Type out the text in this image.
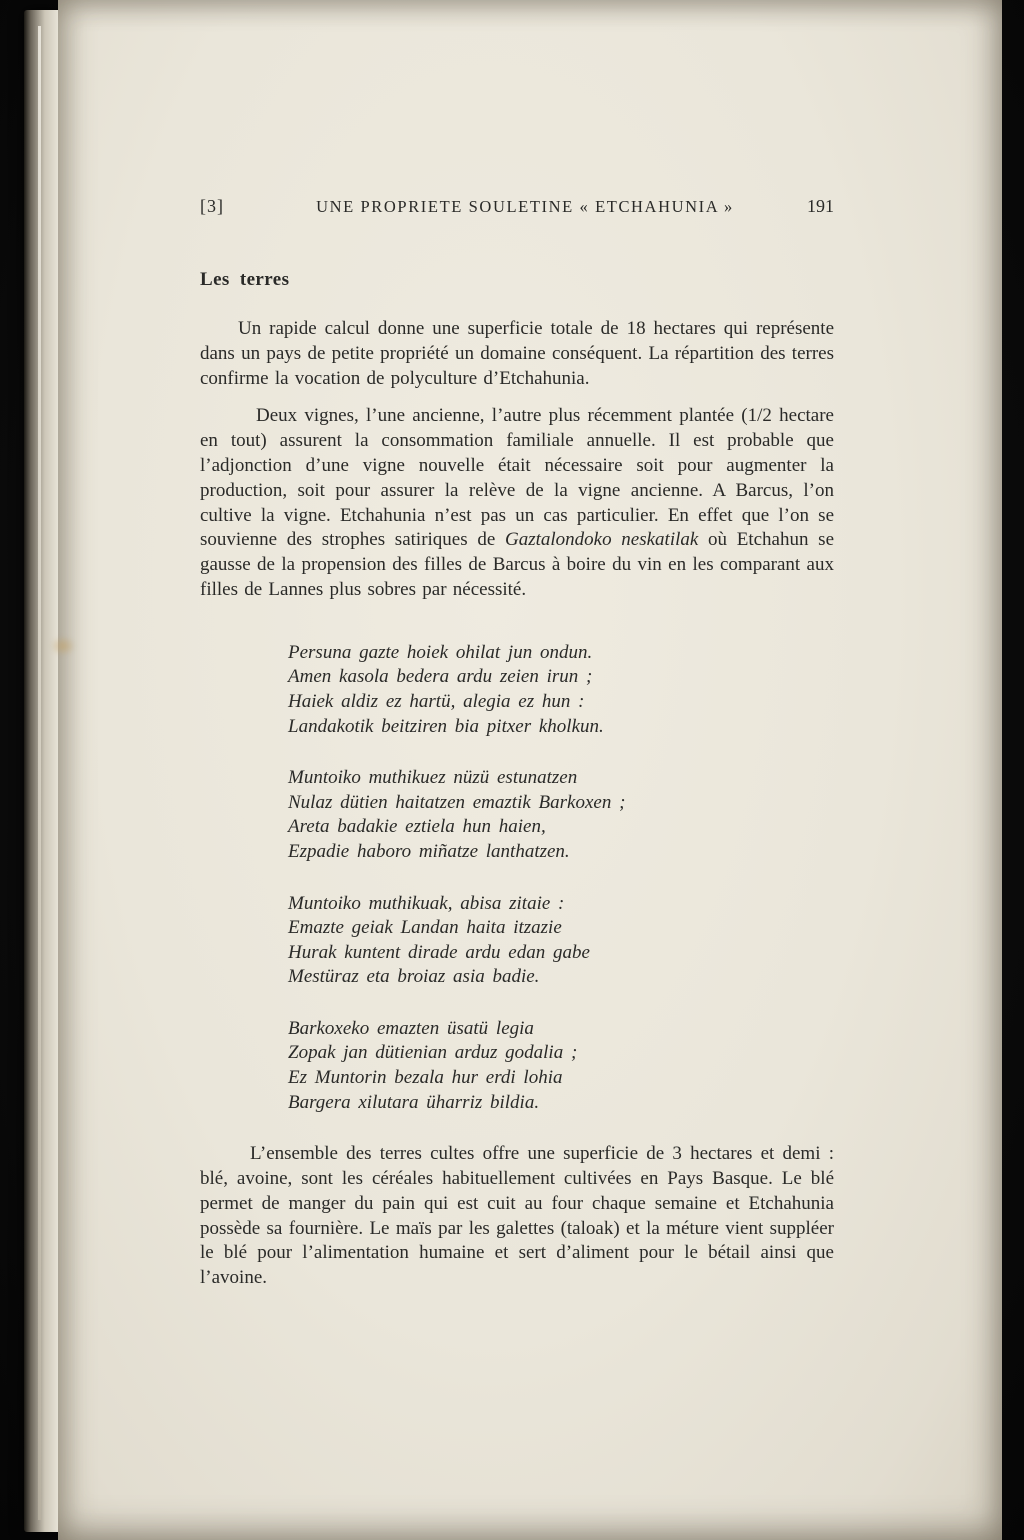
[3]	UNE PROPRIETE SOULETINE « ETCHAHUNIA »	191
Les terres

Un rapide calcul donne une superficie totale de 18 hectares qui représente dans un pays de petite propriété un domaine conséquent. La répartition des terres confirme la vocation de polyculture d’Etchahunia.

Deux vignes, l’une ancienne, l’autre plus récemment plantée (1/2 hectare en tout) assurent la consommation familiale annuelle. Il est probable que l’adjonction d’une vigne nouvelle était nécessaire soit pour augmenter la production, soit pour assurer la relève de la vigne ancienne. A Barcus, l’on cultive la vigne. Etchahunia n’est pas un cas particulier. En effet que l’on se souvienne des strophes satiriques de Gaztalondoko neskatilak où Etchahun se gausse de la propension des filles de Barcus à boire du vin en les comparant aux filles de Lannes plus sobres par nécessité.

Persuna gazte hoiek ohilat jun ondun.
Amen kasola bedera ardu zeien irun ;
Haiek aldiz ez hartü, alegia ez hun :
Landakotik beitziren bia pitxer kholkun.
Muntoiko muthikuez nüzü estunatzen
Nulaz dütien haitatzen emaztik Barkoxen ;
Areta badakie eztiela hun haien,
Ezpadie haboro miñatze lanthatzen.
Muntoiko muthikuak, abisa zitaie :
Emazte geiak Landan haita itzazie
Hurak kuntent dirade ardu edan gabe
Mestüraz eta broiaz asia badie.
Barkoxeko emazten üsatü legia
Zopak jan dütienian arduz godalia ;
Ez Muntorin bezala hur erdi lohia
Bargera xilutara üharriz bildia.

L’ensemble des terres cultes offre une superficie de 3 hectares et demi : blé, avoine, sont les céréales habituellement cultivées en Pays Basque. Le blé permet de manger du pain qui est cuit au four chaque semaine et Etchahunia possède sa fournière. Le maïs par les galettes (taloak) et la méture vient suppléer le blé pour l’alimentation humaine et sert d’aliment pour le bétail ainsi que l’avoine.
